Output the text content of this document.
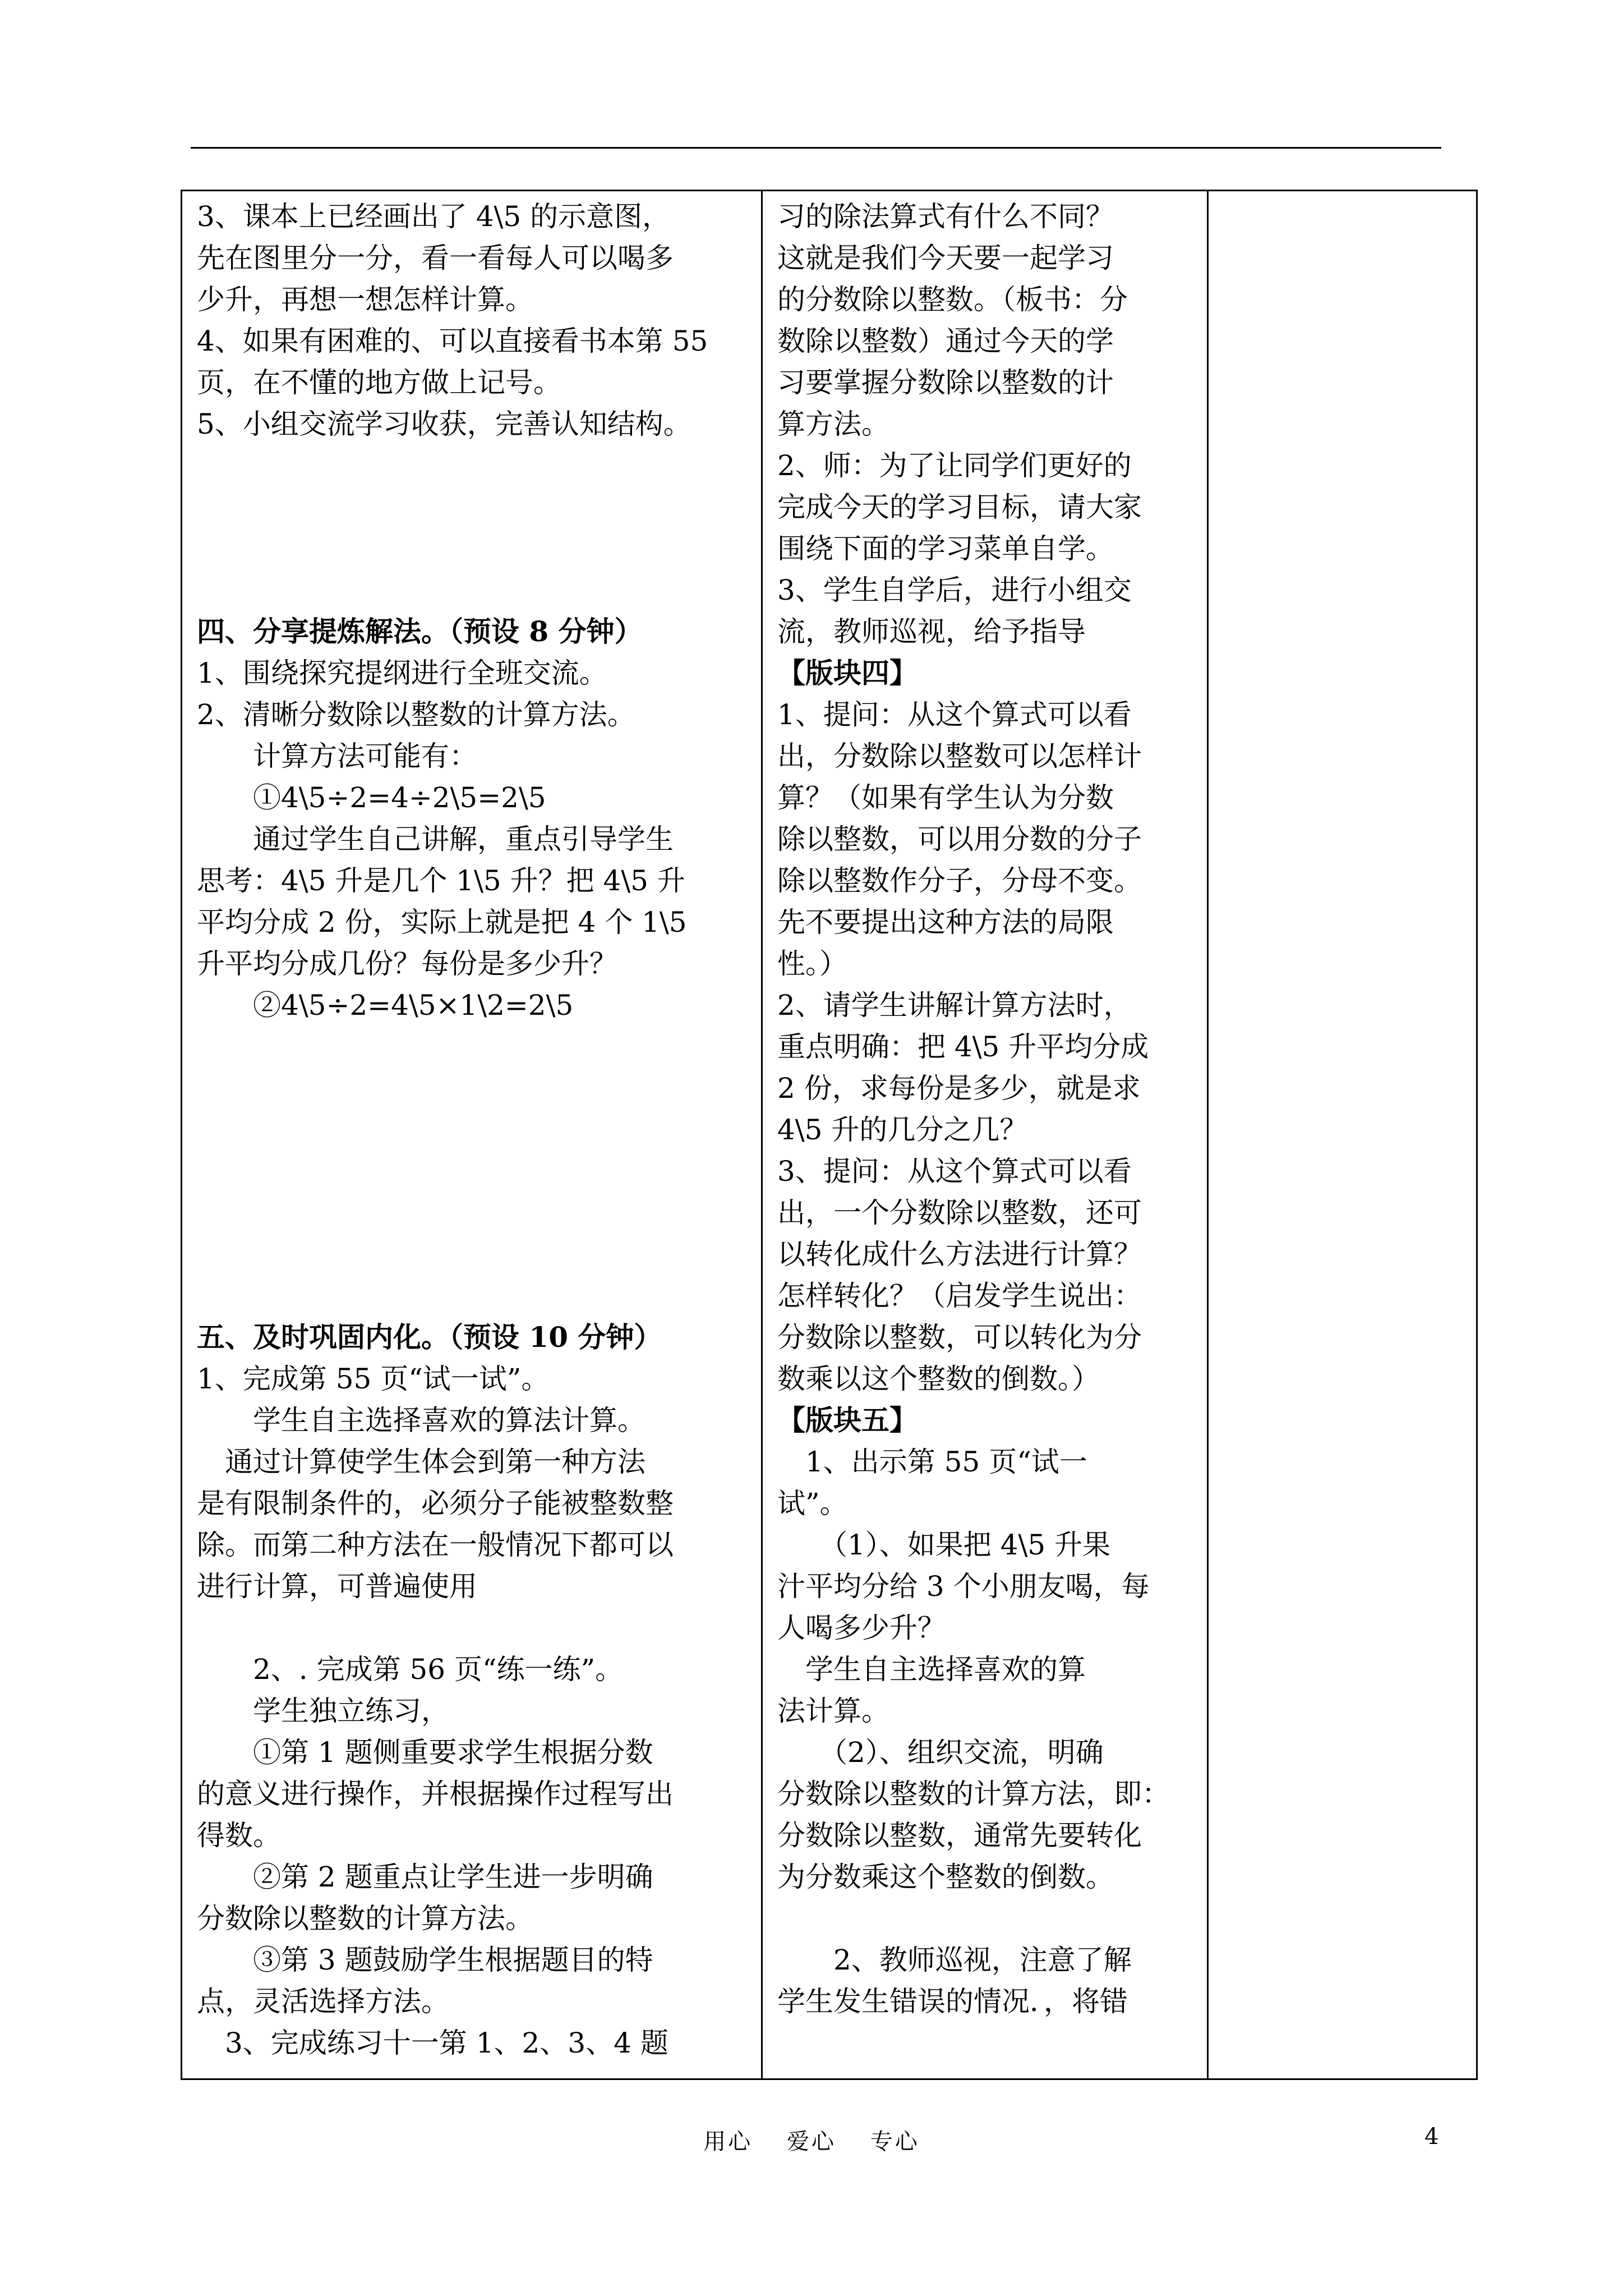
3、课本上已经画出了 4\5 的示意图，

先在图里分一分，看一看每人可以喝多

少升，再想一想怎样计算。

4、如果有困难的、可以直接看书本第 55

页，在不懂的地方做上记号。

5、小组交流学习收获，完善认知结构。

四、分享提炼解法。（预设 8 分钟）

1、围绕探究提纲进行全班交流。

2、清晰分数除以整数的计算方法。

　　计算方法可能有：

　　①4\5÷2=4÷2\5=2\5

　　通过学生自己讲解，重点引导学生

思考：4\5 升是几个 1\5 升？把 4\5 升

平均分成 2 份，实际上就是把 4 个 1\5

升平均分成几份？每份是多少升？

　　②4\5÷2=4\5×1\2=2\5

五、及时巩固内化。（预设 10 分钟）

1、完成第 55 页“试一试”。

　　学生自主选择喜欢的算法计算。

　通过计算使学生体会到第一种方法

是有限制条件的，必须分子能被整数整

除。而第二种方法在一般情况下都可以

进行计算，可普遍使用

　　2、. 完成第 56 页“练一练”。

　　学生独立练习，

　　①第 1 题侧重要求学生根据分数

的意义进行操作，并根据操作过程写出

得数。

　　②第 2 题重点让学生进一步明确

分数除以整数的计算方法。

　　③第 3 题鼓励学生根据题目的特

点，灵活选择方法。

　3、完成练习十一第 1、2、3、4 题

习的除法算式有什么不同？

这就是我们今天要一起学习

的分数除以整数。（板书：分

数除以整数）通过今天的学

习要掌握分数除以整数的计

算方法。

2、师：为了让同学们更好的

完成今天的学习目标，请大家

围绕下面的学习菜单自学。

3、学生自学后，进行小组交

流，教师巡视，给予指导

【版块四】

1、提问：从这个算式可以看

出，分数除以整数可以怎样计

算？（如果有学生认为分数

除以整数，可以用分数的分子

除以整数作分子，分母不变。

先不要提出这种方法的局限

性。）

2、请学生讲解计算方法时，

重点明确：把 4\5 升平均分成

2 份，求每份是多少，就是求

4\5 升的几分之几？

3、提问：从这个算式可以看

出，一个分数除以整数，还可

以转化成什么方法进行计算？

怎样转化？（启发学生说出：

分数除以整数，可以转化为分

数乘以这个整数的倒数。）

【版块五】

　1、出示第 55 页“试一

试”。

　　（1）、如果把 4\5 升果

汁平均分给 3 个小朋友喝，每

人喝多少升？

　学生自主选择喜欢的算

法计算。

　　（2）、组织交流，明确

分数除以整数的计算方法，即：

分数除以整数，通常先要转化

为分数乘这个整数的倒数。

　　2、教师巡视，注意了解

学生发生错误的情况．，将错

用心　 爱心　 专心	4
